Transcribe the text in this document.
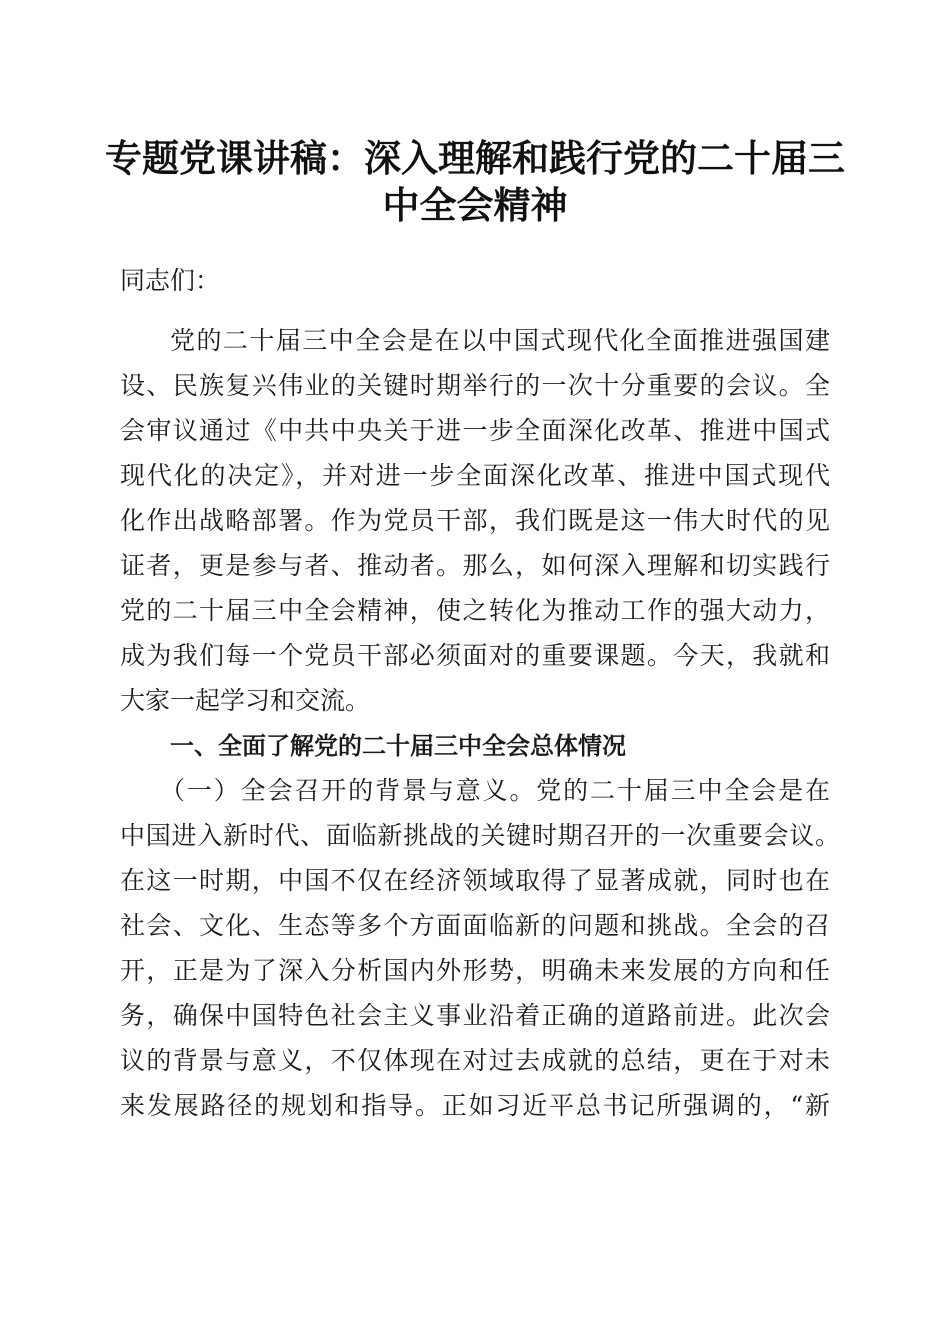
专题党课讲稿：深入理解和践行党的二十届三
中全会精神
同志们：
党的二十届三中全会是在以中国式现代化全面推进强国建
设、民族复兴伟业的关键时期举行的一次十分重要的会议。全
会审议通过《中共中央关于进一步全面深化改革、推进中国式
现代化的决定》，并对进一步全面深化改革、推进中国式现代
化作出战略部署。作为党员干部，我们既是这一伟大时代的见
证者，更是参与者、推动者。那么，如何深入理解和切实践行
党的二十届三中全会精神，使之转化为推动工作的强大动力，
成为我们每一个党员干部必须面对的重要课题。今天，我就和
大家一起学习和交流。
一、全面了解党的二十届三中全会总体情况
（一）全会召开的背景与意义。党的二十届三中全会是在
中国进入新时代、面临新挑战的关键时期召开的一次重要会议。
在这一时期，中国不仅在经济领域取得了显著成就，同时也在
社会、文化、生态等多个方面面临新的问题和挑战。全会的召
开，正是为了深入分析国内外形势，明确未来发展的方向和任
务，确保中国特色社会主义事业沿着正确的道路前进。此次会
议的背景与意义，不仅体现在对过去成就的总结，更在于对未
来发展路径的规划和指导。正如习近平总书记所强调的，“新
